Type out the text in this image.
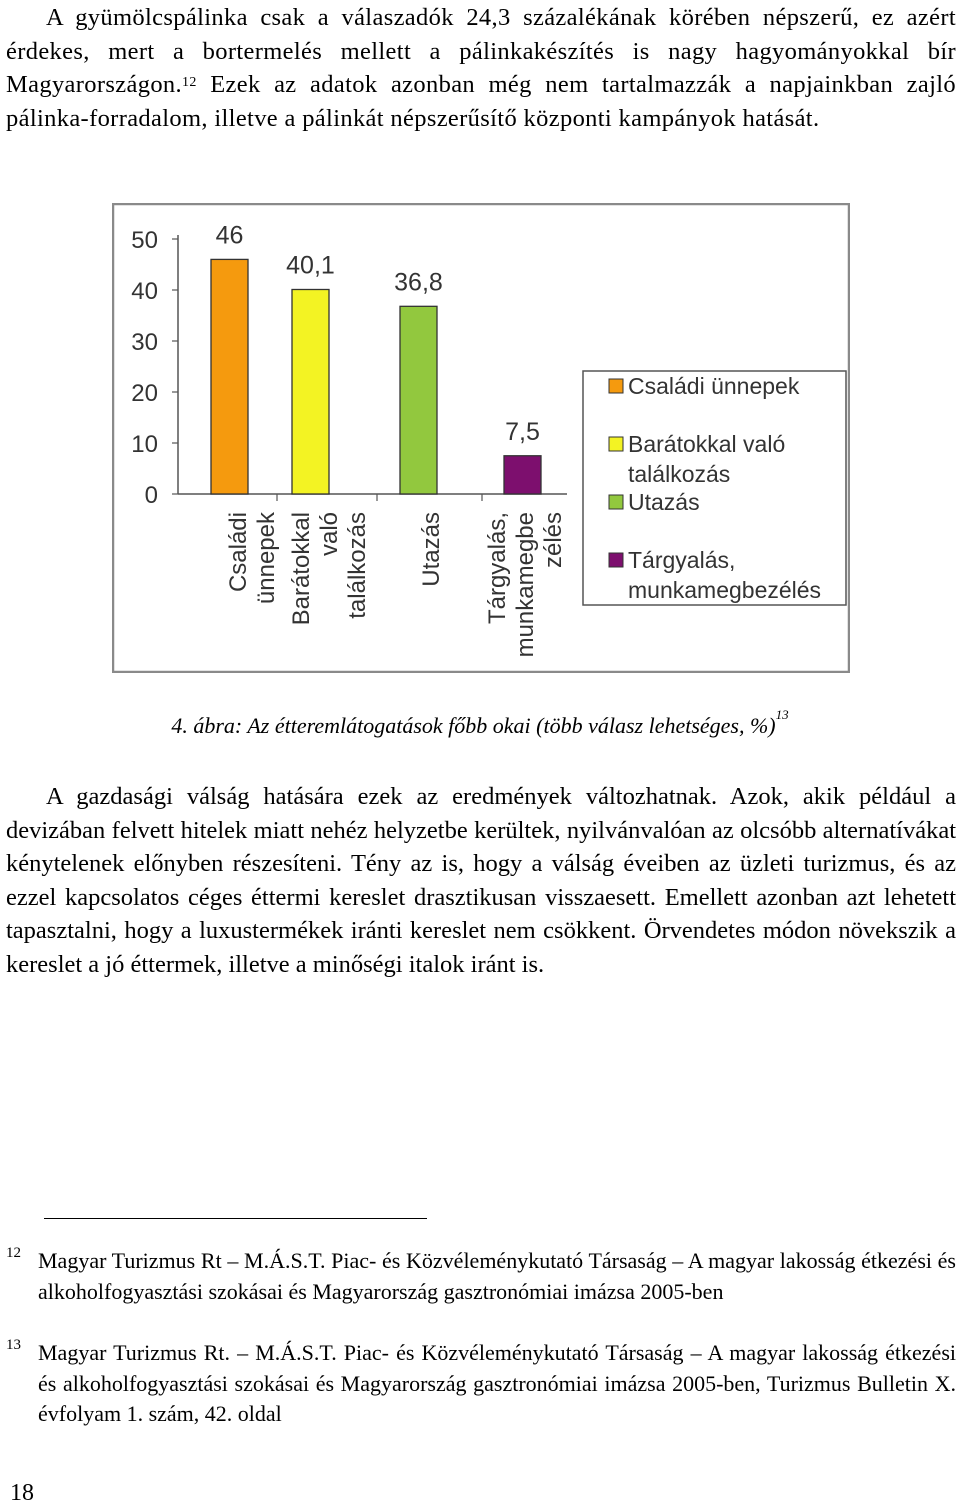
A gyümölcspálinka csak a válaszadók 24,3 százalékának körében népszerű, ez azért érdekes, mert a bortermelés mellett a pálinkakészítés is nagy hagyományokkal bír Magyarországon.$^{12}$ Ezek az adatok azonban még nem tartalmazzák a napjainkban zajló pálinka-forradalom, illetve a pálinkát népszerűsítő központi kampányok hatását.

0
10
20
30
40
50 46
40,1
36,8
7,5
Családi ünnepek Barátokkal való találkozás Utazás Tárgyalás, munkamegbe zélés
Családi ünnepek
Barátokkal való
találkozás
Utazás
Tárgyalás,
munkamegbezélés

4. ábra: Az étteremlátogatások főbb okai (több válasz lehetséges, %)$^{13}$

A gazdasági válság hatására ezek az eredmények változhatnak. Azok, akik például a devizában felvett hitelek miatt nehéz helyzetbe kerültek, nyilvánvalóan az olcsóbb alternatívákat kénytelenek előnyben részesíteni. Tény az is, hogy a válság éveiben az üzleti turizmus, és az ezzel kapcsolatos céges éttermi kereslet drasztikusan visszaesett. Emellett azonban azt lehetett tapasztalni, hogy a luxustermékek iránti kereslet nem csökkent. Örvendetes módon növekszik a kereslet a jó éttermek, illetve a minőségi italok iránt is.

12 Magyar Turizmus Rt – M.Á.S.T. Piac- és Közvéleménykutató Társaság – A magyar lakosság étkezési és alkoholfogyasztási szokásai és Magyarország gasztronómiai imázsa 2005-ben
13 Magyar Turizmus Rt. – M.Á.S.T. Piac- és Közvéleménykutató Társaság – A magyar lakosság étkezési és alkoholfogyasztási szokásai és Magyarország gasztronómiai imázsa 2005-ben, Turizmus Bulletin X. évfolyam 1. szám, 42. oldal

18
